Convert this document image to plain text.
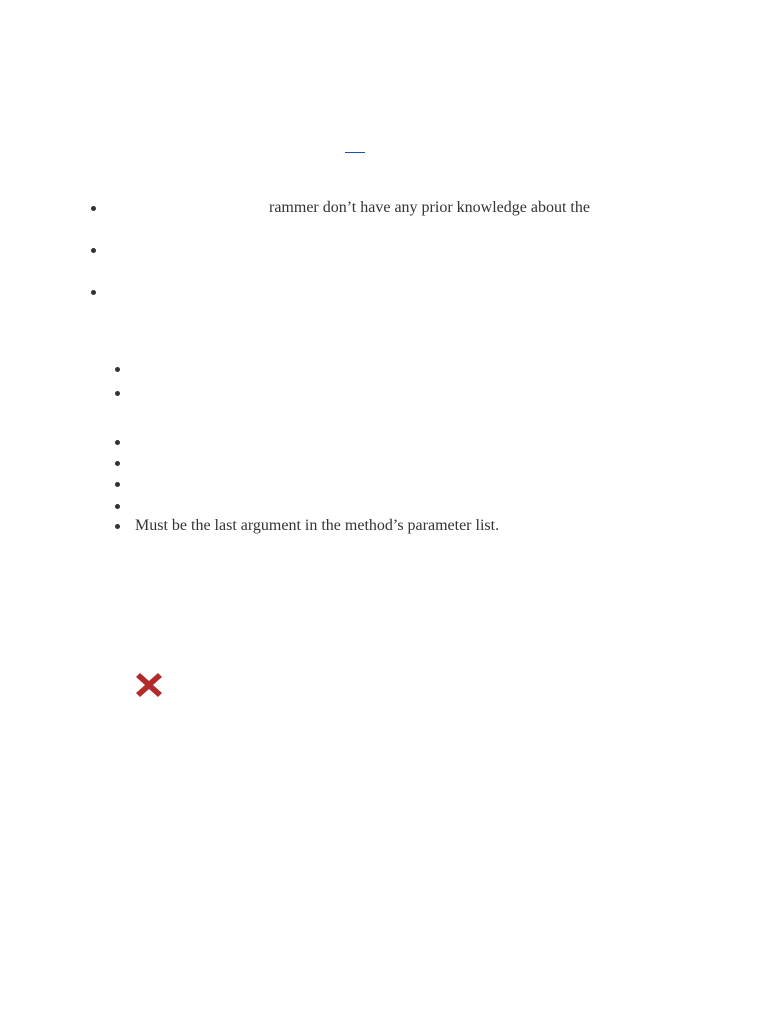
rammer don’t have any prior knowledge about the
Must be the last argument in the method’s parameter list.
